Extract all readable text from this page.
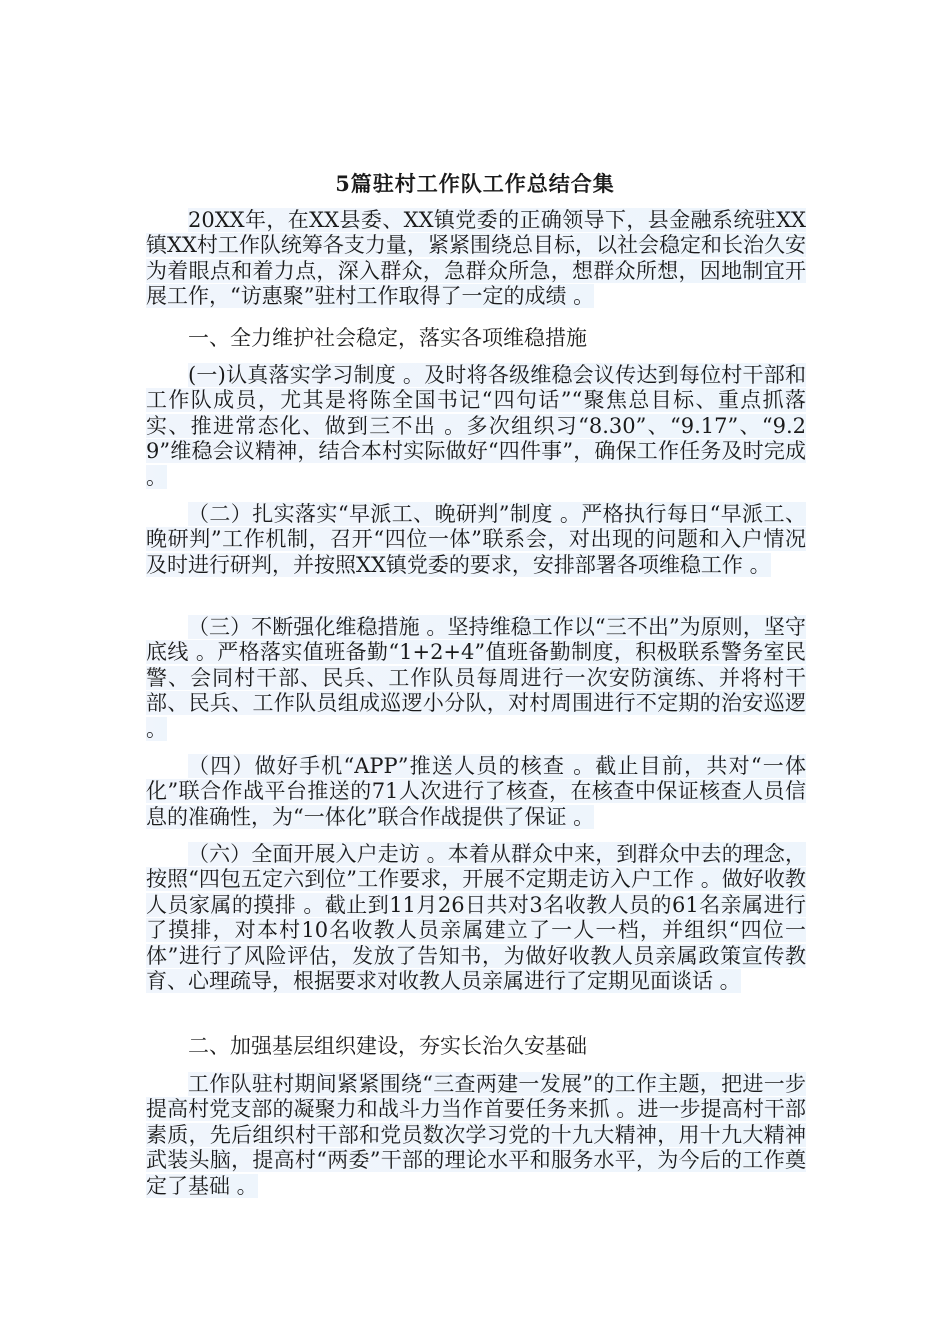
5篇驻村工作队工作总结合集
20XX年，在XX县委、XX镇党委的正确领导下，县金融系统驻XX镇XX村工作队统筹各支力量，紧紧围绕总目标，以社会稳定和长治久安为着眼点和着力点，深入群众，急群众所急，想群众所想，因地制宜开展工作，“访惠聚”驻村工作取得了一定的成绩 。
一、全力维护社会稳定，落实各项维稳措施
(一)认真落实学习制度 。及时将各级维稳会议传达到每位村干部和工作队成员，尤其是将陈全国书记“四句话”“聚焦总目标、重点抓落实、推进常态化、做到三不出 。多次组织习“8.30”、“9.17”、“9.29”维稳会议精神，结合本村实际做好“四件事”，确保工作任务及时完成 。
（二）扎实落实“早派工、晚研判”制度 。严格执行每日“早派工、晚研判”工作机制，召开“四位一体”联系会，对出现的问题和入户情况及时进行研判，并按照XX镇党委的要求，安排部署各项维稳工作 。
（三）不断强化维稳措施 。坚持维稳工作以“三不出”为原则，坚守底线 。严格落实值班备勤“1+2+4”值班备勤制度，积极联系警务室民警、会同村干部、民兵、工作队员每周进行一次安防演练、并将村干部、民兵、工作队员组成巡逻小分队，对村周围进行不定期的治安巡逻 。
（四）做好手机“APP”推送人员的核查 。截止目前，共对“一体化”联合作战平台推送的71人次进行了核查，在核查中保证核查人员信息的准确性，为“一体化”联合作战提供了保证 。
（六）全面开展入户走访 。本着从群众中来，到群众中去的理念，按照“四包五定六到位”工作要求，开展不定期走访入户工作 。做好收教人员家属的摸排 。截止到11月26日共对3名收教人员的61名亲属进行了摸排，对本村10名收教人员亲属建立了一人一档，并组织“四位一体”进行了风险评估，发放了告知书，为做好收教人员亲属政策宣传教育、心理疏导，根据要求对收教人员亲属进行了定期见面谈话 。
二、加强基层组织建设，夯实长治久安基础
工作队驻村期间紧紧围绕“三查两建一发展”的工作主题，把进一步提高村党支部的凝聚力和战斗力当作首要任务来抓 。进一步提高村干部素质，先后组织村干部和党员数次学习党的十九大精神，用十九大精神武装头脑，提高村“两委”干部的理论水平和服务水平，为今后的工作奠定了基础 。
